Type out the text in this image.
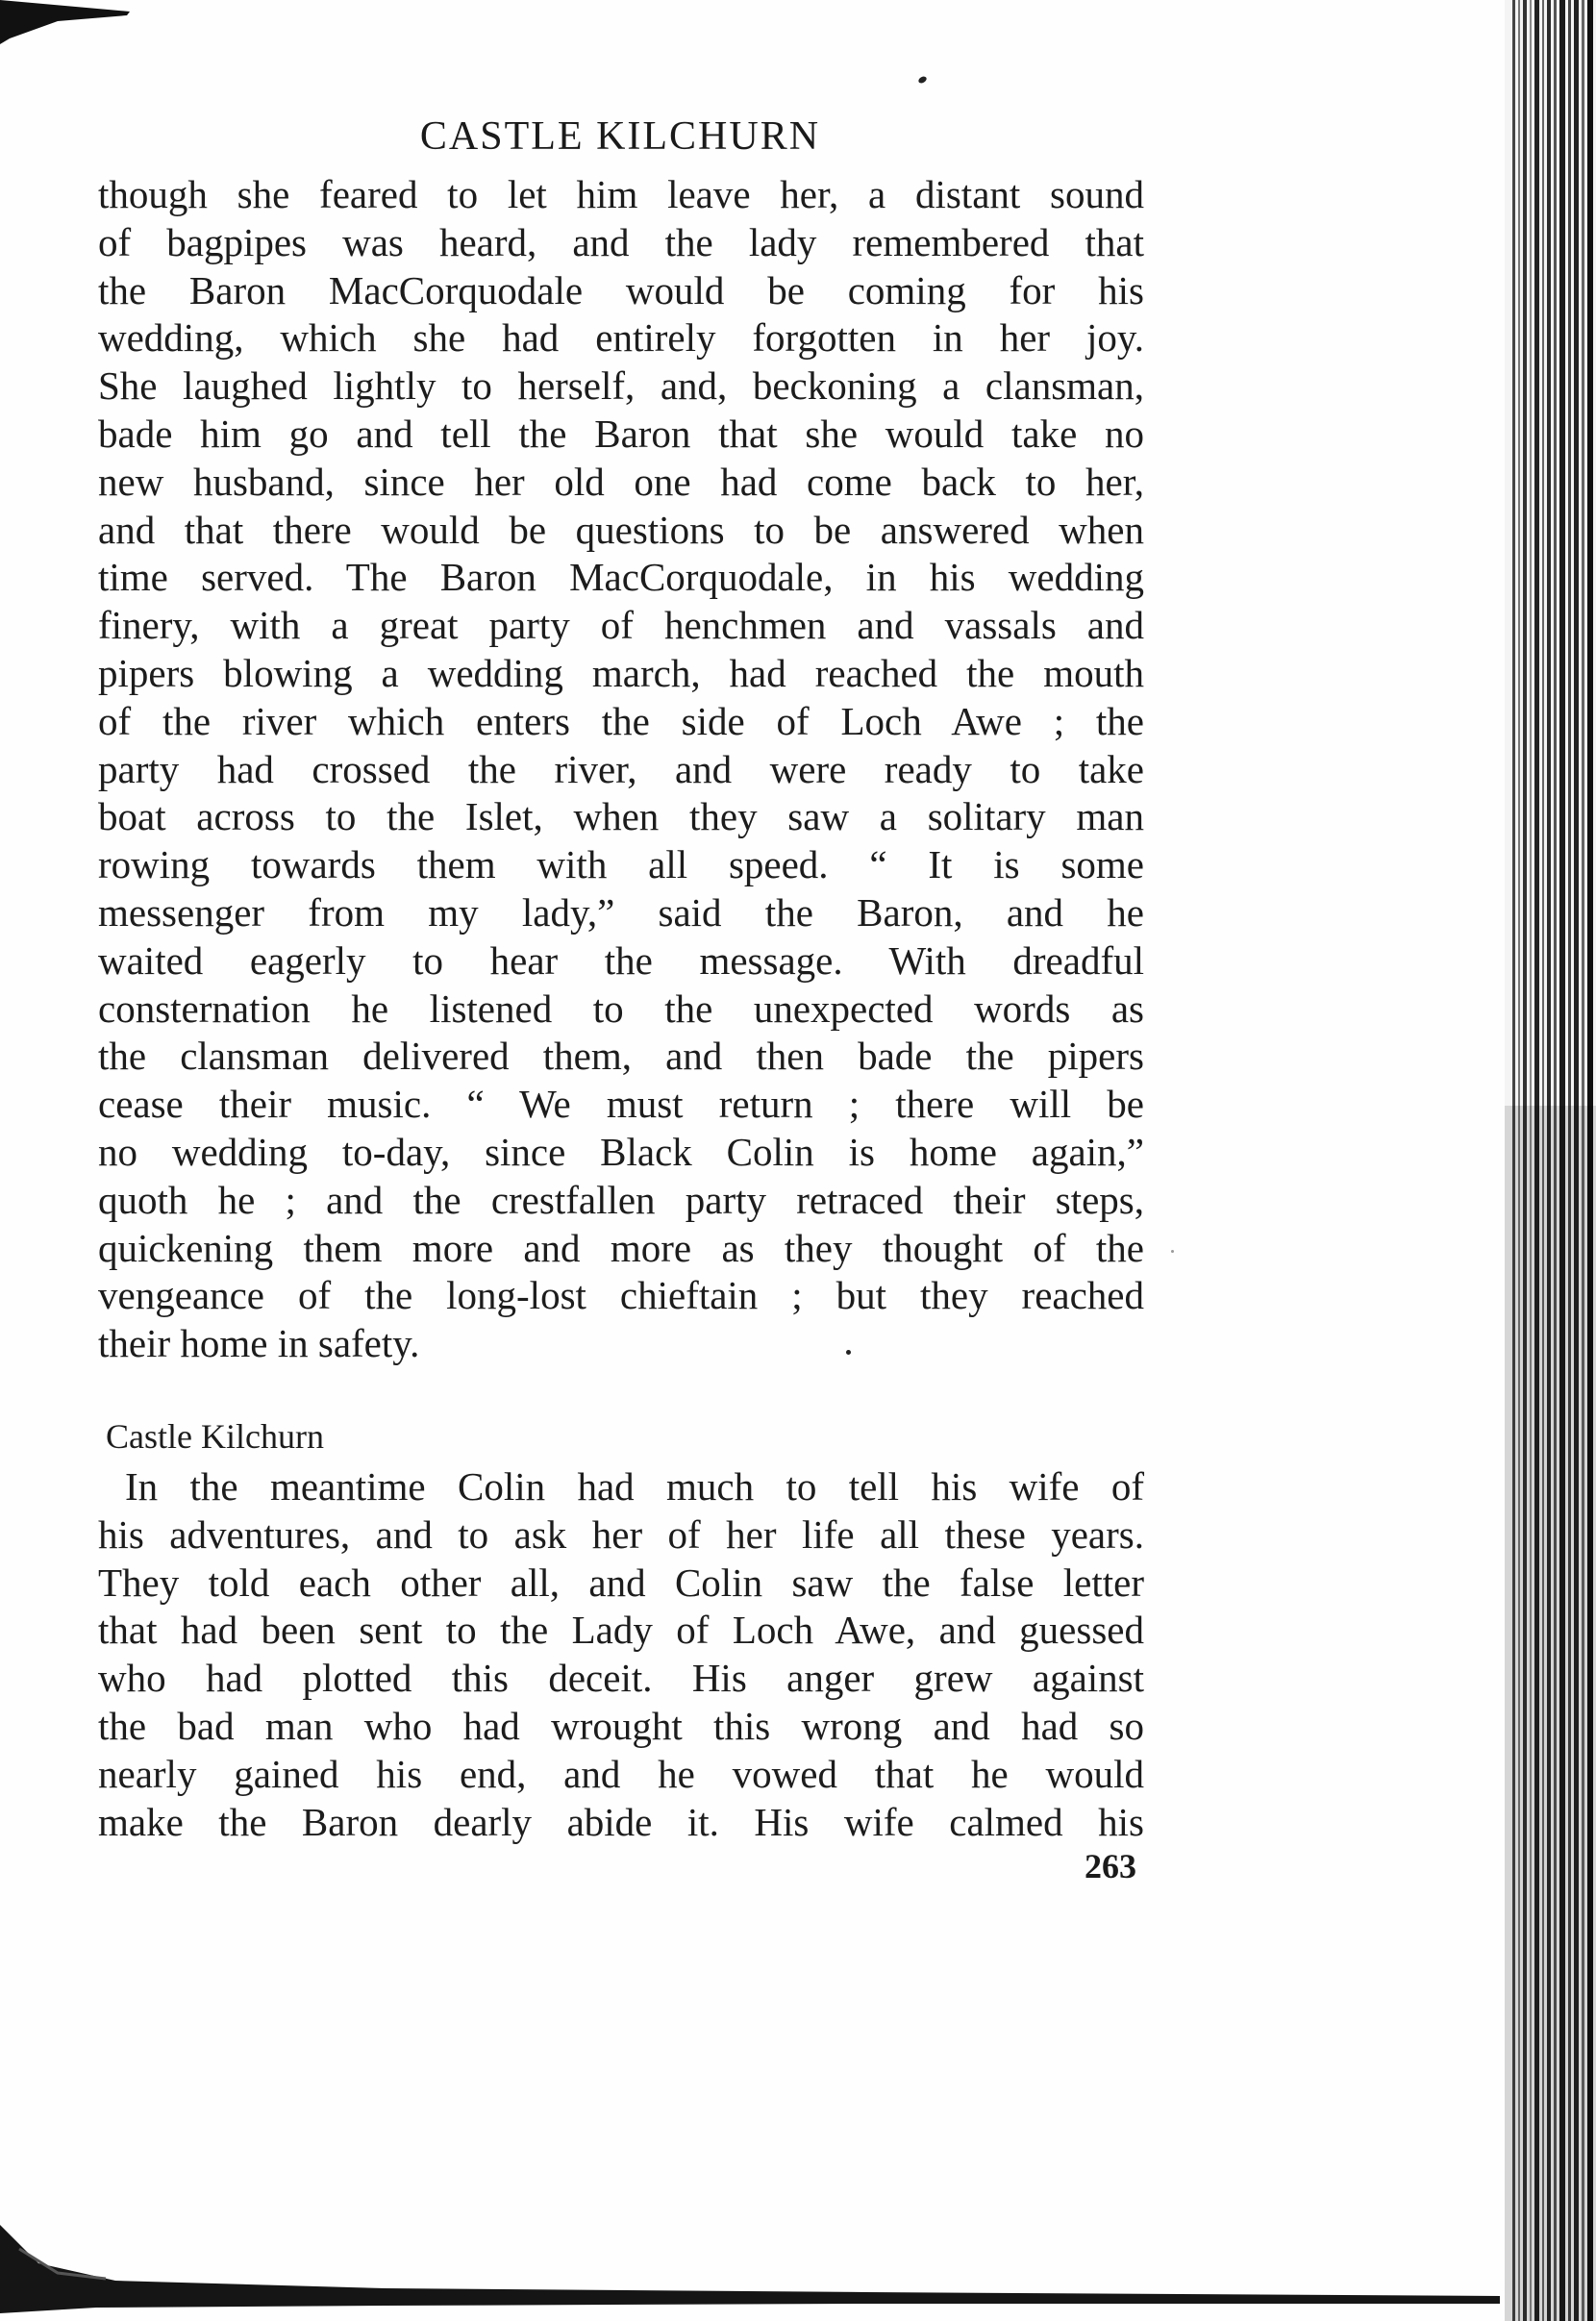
CASTLE KILCHURN
though she feared to let him leave her, a distant sound
of bagpipes was heard, and the lady remembered that
the Baron MacCorquodale would be coming for his
wedding, which she had entirely forgotten in her joy.
She laughed lightly to herself, and, beckoning a clansman,
bade him go and tell the Baron that she would take no
new husband, since her old one had come back to her,
and that there would be questions to be answered when
time served. The Baron MacCorquodale, in his wedding
finery, with a great party of henchmen and vassals and
pipers blowing a wedding march, had reached the mouth
of the river which enters the side of Loch Awe ; the
party had crossed the river, and were ready to take
boat across to the Islet, when they saw a solitary man
rowing towards them with all speed. “ It is some
messenger from my lady,” said the Baron, and he
waited eagerly to hear the message. With dreadful
consternation he listened to the unexpected words as
the clansman delivered them, and then bade the pipers
cease their music. “ We must return ; there will be
no wedding to-day, since Black Colin is home again,”
quoth he ; and the crestfallen party retraced their steps,
quickening them more and more as they thought of the
vengeance of the long-lost chieftain ; but they reached
their home in safety.
Castle Kilchurn
In the meantime Colin had much to tell his wife of
his adventures, and to ask her of her life all these years.
They told each other all, and Colin saw the false letter
that had been sent to the Lady of Loch Awe, and guessed
who had plotted this deceit. His anger grew against
the bad man who had wrought this wrong and had so
nearly gained his end, and he vowed that he would
make the Baron dearly abide it. His wife calmed his
263
